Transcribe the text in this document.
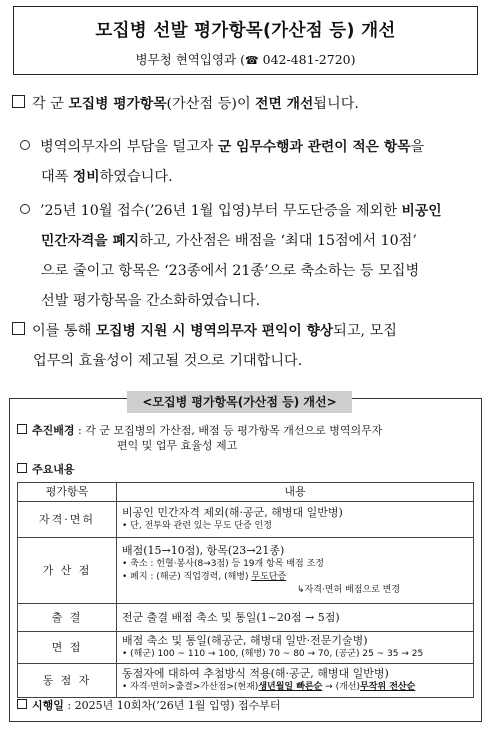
모집병 선발 평가항목(가산점 등) 개선
병무청 현역입영과 (☎ 042-481-2720)
각 군 모집병 평가항목(가산점 등)이 전면 개선됩니다.
병역의무자의 부담을 덜고자 군 임무수행과 관련이 적은 항목을
대폭 정비하였습니다.
’25년 10월 접수(’26년 1월 입영)부터 무도단증을 제외한 비공인
민간자격을 폐지하고, 가산점은 배점을 ‘최대 15점에서 10점’
으로 줄이고 항목은 ‘23종에서 21종’으로 축소하는 등 모집병
선발 평가항목을 간소화하였습니다.
이를 통해 모집병 지원 시 병역의무자 편익이 향상되고, 모집
업무의 효율성이 제고될 것으로 기대합니다.
<모집병 평가항목(가산점 등) 개선>
추진배경 : 각 군 모집병의 가산점, 배점 등 평가항목 개선으로 병역의무자
편익 및 업무 효율성 제고
주요내용
평가항목	내용
자격·면허	비공인 민간자격 제외(해·공군, 해병대 일반병)
• 단, 전투와 관련 있는 무도 단증 인정

가 산 점	배점(15→10점), 항목(23→21종)
• 축소 : 헌혈·봉사(8→3점) 등 19개 항목 배점 조정
• 폐지 : (해군) 직업경력, (해병) 무도단증
↳자격·면허 배점으로 변경

출 결	전군 출결 배점 축소 및 통일(1~20점 → 5점)
면 접	배점 축소 및 통일(해공군, 해병대 일반·전문기술병)
• (해군) 100 ~ 110 → 100, (해병) 70 ~ 80 → 70, (공군) 25 ~ 35 → 25

동 점 자	동점자에 대하여 추첨방식 적용(해·공군, 해병대 일반병)
• 자격·면허>출결>가산점>(현재)생년월일 빠른순 → (개선)무작위 전산순
시행일 : 2025년 10회차(’26년 1월 입영) 접수부터
